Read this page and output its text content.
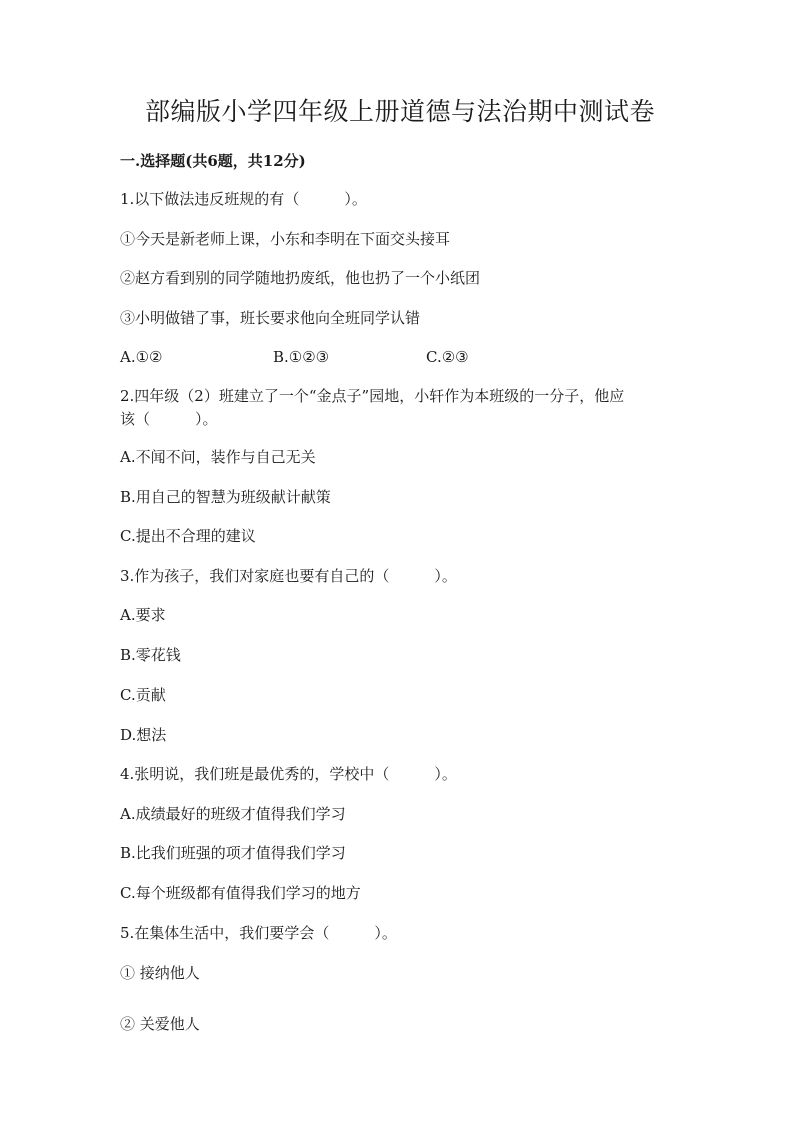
部编版小学四年级上册道德与法治期中测试卷

一.选择题(共6题，共12分)

1.以下做法违反班规的有（　　　）。

①今天是新老师上课，小东和李明在下面交头接耳

②赵方看到别的同学随地扔废纸，他也扔了一个小纸团

③小明做错了事，班长要求他向全班同学认错

A.①②	B.①②③	C.②③

2.四年级（2）班建立了一个“金点子”园地，小轩作为本班级的一分子，他应

该（　　　）。

A.不闻不问，装作与自己无关

B.用自己的智慧为班级献计献策

C.提出不合理的建议

3.作为孩子，我们对家庭也要有自己的（　　　）。

A.要求

B.零花钱

C.贡献

D.想法

4.张明说，我们班是最优秀的，学校中（　　　）。

A.成绩最好的班级才值得我们学习

B.比我们班强的项才值得我们学习

C.每个班级都有值得我们学习的地方

5.在集体生活中，我们要学会（　　　）。

① 接纳他人

② 关爱他人
